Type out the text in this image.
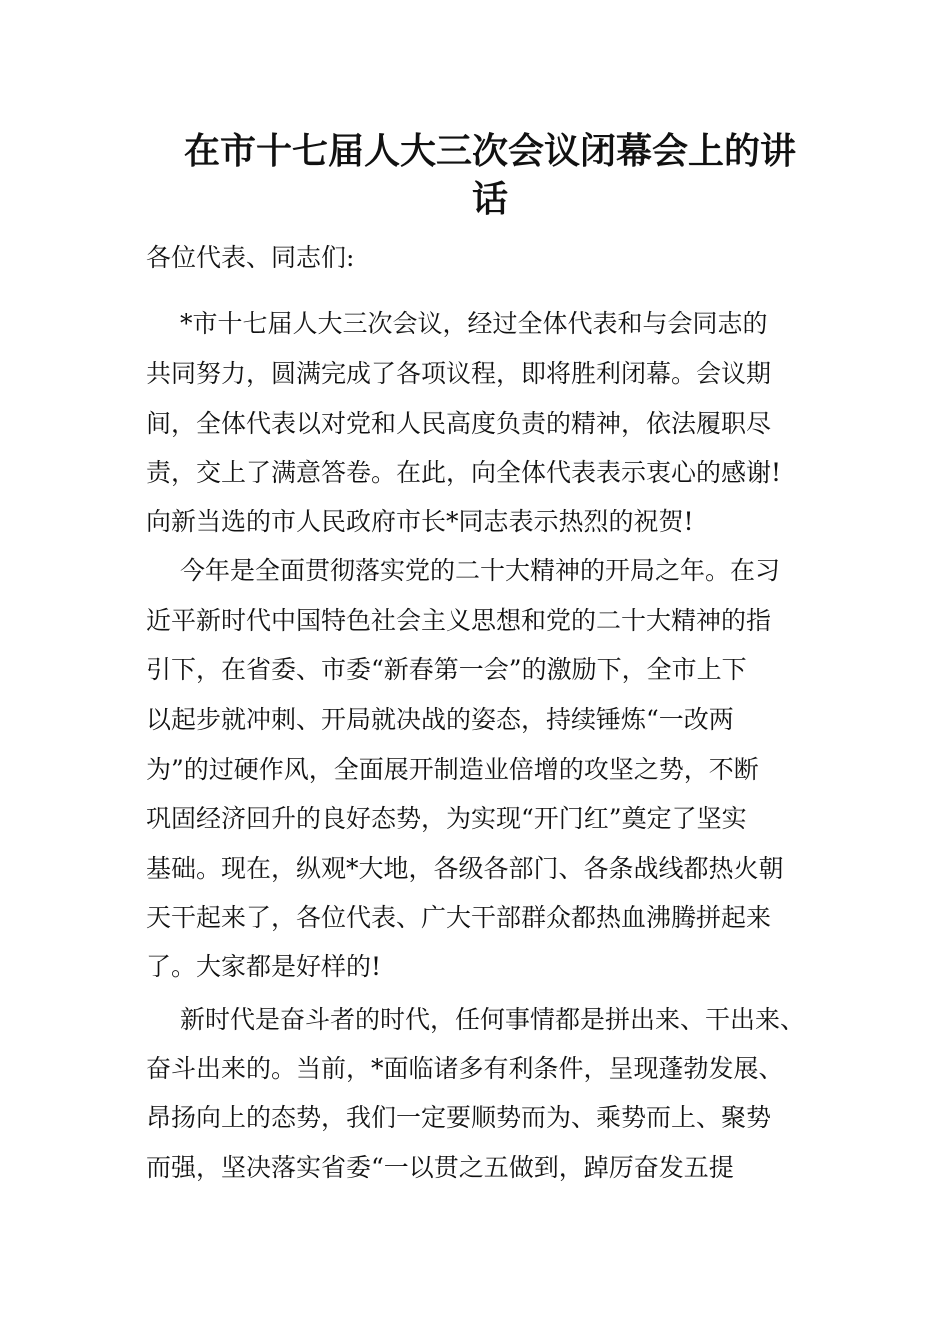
在市十七届人大三次会议闭幕会上的讲
话

各位代表、同志们:

*市十七届人大三次会议，经过全体代表和与会同志的

共同努力，圆满完成了各项议程，即将胜利闭幕。会议期

间，全体代表以对党和人民高度负责的精神，依法履职尽

责，交上了满意答卷。在此，向全体代表表示衷心的感谢!

向新当选的市人民政府市长*同志表示热烈的祝贺!

今年是全面贯彻落实党的二十大精神的开局之年。在习

近平新时代中国特色社会主义思想和党的二十大精神的指

引下，在省委、市委“新春第一会”的激励下，全市上下

以起步就冲刺、开局就决战的姿态，持续锤炼“一改两

为”的过硬作风，全面展开制造业倍增的攻坚之势，不断

巩固经济回升的良好态势，为实现“开门红”奠定了坚实

基础。现在，纵观*大地，各级各部门、各条战线都热火朝

天干起来了，各位代表、广大干部群众都热血沸腾拼起来

了。大家都是好样的!

新时代是奋斗者的时代，任何事情都是拼出来、干出来、

奋斗出来的。当前，*面临诸多有利条件，呈现蓬勃发展、

昂扬向上的态势，我们一定要顺势而为、乘势而上、聚势

而强，坚决落实省委“一以贯之五做到，踔厉奋发五提
